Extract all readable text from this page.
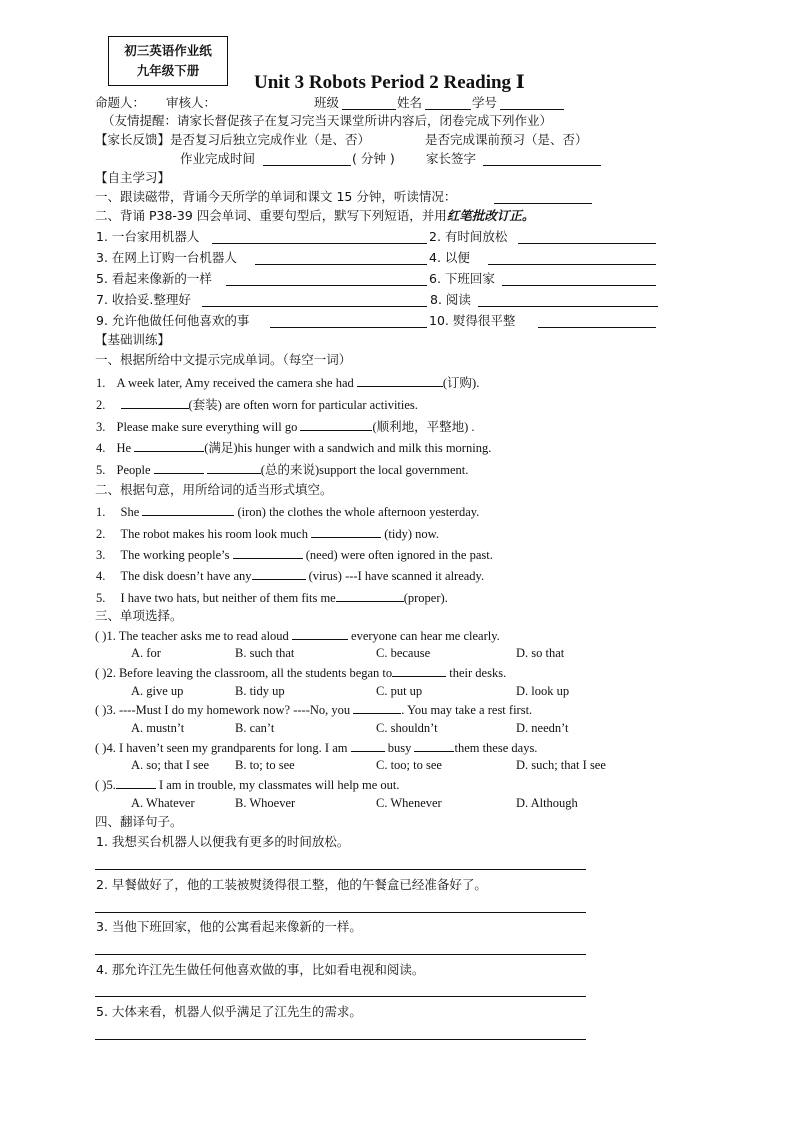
初三英语作业纸
九年级下册
Unit 3 Robots Period 2 Reading Ⅰ
命题人： 审核人：	班级	姓名	学号
（友情提醒：请家长督促孩子在复习完当天课堂所讲内容后，闭卷完成下列作业）
【家长反馈】是否复习后独立完成作业（是、否）	是否完成课前预习（是、否）
作业完成时间	( 分钟 )	家长签字
【自主学习】
一、跟读磁带，背诵今天所学的单词和课文 15 分钟，听读情况：
二、背诵 P38-39 四会单词、重要句型后，默写下列短语，并用红笔批改订正。
1. 一台家用机器人	2. 有时间放松
3. 在网上订购一台机器人	4. 以便
5. 看起来像新的一样	6. 下班回家
7. 收拾妥.整理好	8. 阅读
9. 允许他做任何他喜欢的事	10. 熨得很平整
【基础训练】
一、根据所给中文提示完成单词。（每空一词）
1. A week later, Amy received the camera she had	(订购).
2.	(套装) are often worn for particular activities.
3. Please make sure everything will go	(顺利地，平整地) .
4. He	(满足)his hunger with a sandwich and milk this morning.
5. People	(总的来说)support the local government.
二、根据句意，用所给词的适当形式填空。
1. She	(iron) the clothes the whole afternoon yesterday.
2. The robot makes his room look much	(tidy) now.
3. The working people’s	(need) were often ignored in the past.
4. The disk doesn’t have any	(virus) ---I have scanned it already.
5. I have two hats, but neither of them fits me	(proper).
三、单项选择。
( )1. The teacher asks me to read aloud	everyone can hear me clearly.
A. for	B. such that	C. because	D. so that
( )2. Before leaving the classroom, all the students began to	their desks.
A. give up	B. tidy up	C. put up	D. look up
( )3. ----Must I do my homework now? ----No, you	. You may take a rest first.
A. mustn’t	B. can’t	C. shouldn’t	D. needn’t
( )4. I haven’t seen my grandparents for long. I am	busy	them these days.
A. so; that I see B. to; to see	C. too; to see	D. such; that I see
( )5.	I am in trouble, my classmates will help me out.
A. Whatever	B. Whoever	C. Whenever	D. Although
四、翻译句子。
1. 我想买台机器人以便我有更多的时间放松。
2. 早餐做好了，他的工装被熨烫得很工整，他的午餐盒已经准备好了。
3. 当他下班回家，他的公寓看起来像新的一样。
4. 那允许江先生做任何他喜欢做的事，比如看电视和阅读。
5. 大体来看，机器人似乎满足了江先生的需求。
